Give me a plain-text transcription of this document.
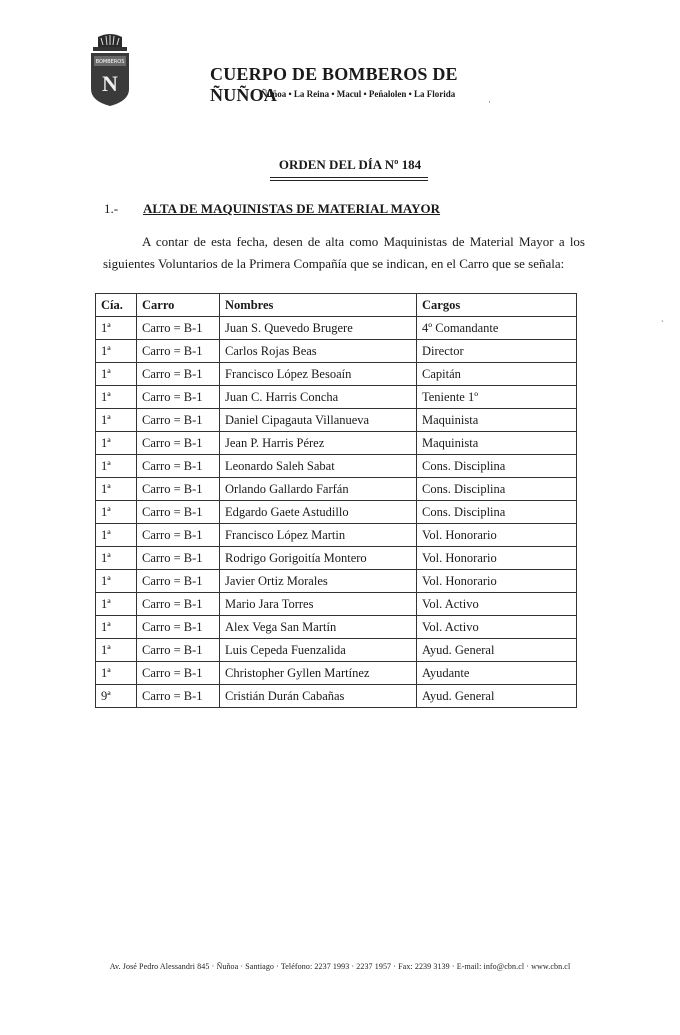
BOMBEROS
N	CUERPO DE BOMBEROS DE ÑUÑOA
Ñuñoa • La Reina • Macul • Peñalolen • La Florida
ORDEN DEL DÍA Nº 184
1.- ALTA DE MAQUINISTAS DE MATERIAL MAYOR
A contar de esta fecha, desen de alta como Maquinistas de Material Mayor a los siguientes Voluntarios de la Primera Compañía que se indican, en el Carro que se señala:
Cía.	Carro	Nombres	Cargos
1ª	Carro = B-1	Juan S. Quevedo Brugere	4º Comandante
1ª	Carro = B-1	Carlos Rojas Beas	Director
1ª	Carro = B-1	Francisco López Besoaín	Capitán
1ª	Carro = B-1	Juan C. Harris Concha	Teniente 1º
1ª	Carro = B-1	Daniel Cipagauta Villanueva	Maquinista
1ª	Carro = B-1	Jean P. Harris Pérez	Maquinista
1ª	Carro = B-1	Leonardo Saleh Sabat	Cons. Disciplina
1ª	Carro = B-1	Orlando Gallardo Farfán	Cons. Disciplina
1ª	Carro = B-1	Edgardo Gaete Astudillo	Cons. Disciplina
1ª	Carro = B-1	Francisco López Martin	Vol. Honorario
1ª	Carro = B-1	Rodrigo Gorigoitía Montero	Vol. Honorario
1ª	Carro = B-1	Javier Ortiz Morales	Vol. Honorario
1ª	Carro = B-1	Mario Jara Torres	Vol. Activo
1ª	Carro = B-1	Alex Vega San Martín	Vol. Activo
1ª	Carro = B-1	Luis Cepeda Fuenzalida	Ayud. General
1ª	Carro = B-1	Christopher Gyllen Martínez	Ayudante
9ª	Carro = B-1	Cristián Durán Cabañas	Ayud. General
Av. José Pedro Alessandri 845 · Ñuñoa · Santiago · Teléfono: 2237 1993 · 2237 1957 · Fax: 2239 3139 · E-mail: info@cbn.cl · www.cbn.cl
·
ˏ
